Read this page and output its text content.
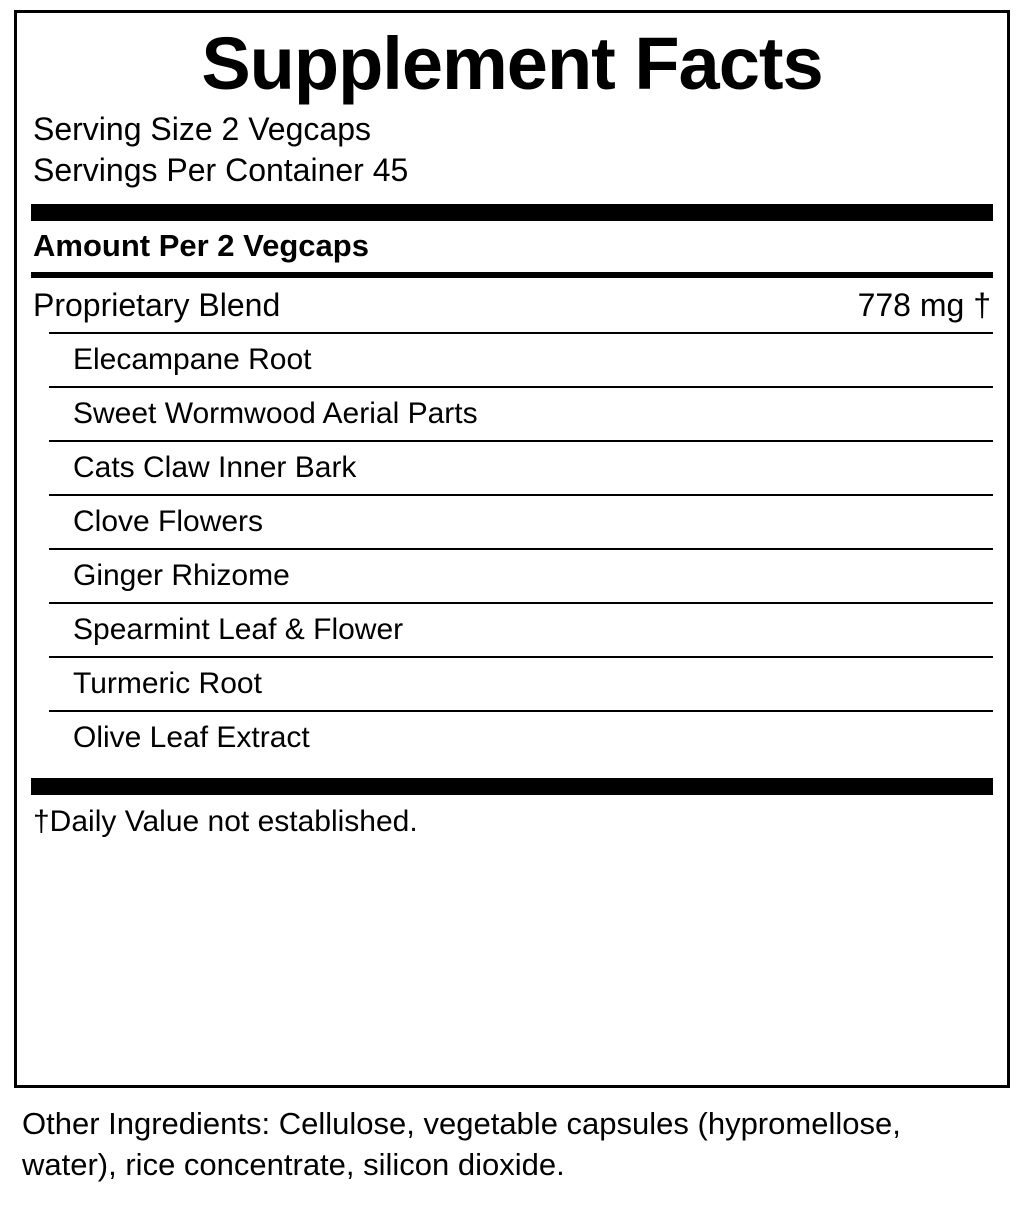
Supplement Facts
Serving Size 2 Vegcaps
Servings Per Container 45
Amount Per 2 Vegcaps
Proprietary Blend	778 mg †
Elecampane Root
Sweet Wormwood Aerial Parts
Cats Claw Inner Bark
Clove Flowers
Ginger Rhizome
Spearmint Leaf & Flower
Turmeric Root
Olive Leaf Extract
†Daily Value not established.
Other Ingredients: Cellulose, vegetable capsules (hypromellose, water), rice concentrate, silicon dioxide.
